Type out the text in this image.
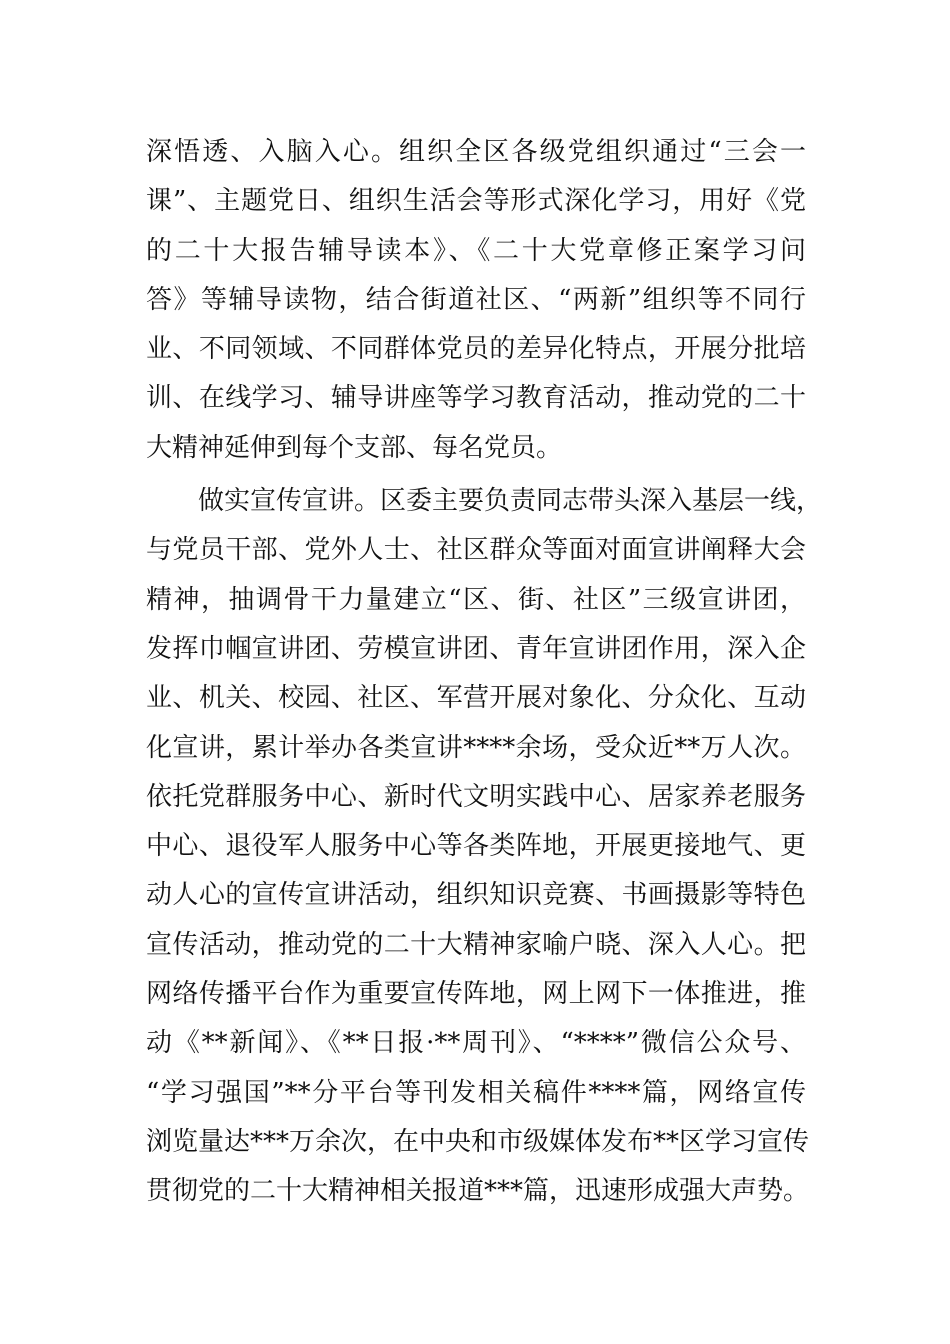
深悟透、入脑入心。组织全区各级党组织通过“三会一
课”、主题党日、组织生活会等形式深化学习，用好《党
的二十大报告辅导读本》、《二十大党章修正案学习问
答》等辅导读物，结合街道社区、“两新”组织等不同行
业、不同领域、不同群体党员的差异化特点，开展分批培
训、在线学习、辅导讲座等学习教育活动，推动党的二十
大精神延伸到每个支部、每名党员。
　　做实宣传宣讲。区委主要负责同志带头深入基层一线，
与党员干部、党外人士、社区群众等面对面宣讲阐释大会
精神，抽调骨干力量建立“区、街、社区”三级宣讲团，
发挥巾帼宣讲团、劳模宣讲团、青年宣讲团作用，深入企
业、机关、校园、社区、军营开展对象化、分众化、互动
化宣讲，累计举办各类宣讲****余场，受众近**万人次。
依托党群服务中心、新时代文明实践中心、居家养老服务
中心、退役军人服务中心等各类阵地，开展更接地气、更
动人心的宣传宣讲活动，组织知识竞赛、书画摄影等特色
宣传活动，推动党的二十大精神家喻户晓、深入人心。把
网络传播平台作为重要宣传阵地，网上网下一体推进，推
动《**新闻》、《**日报·**周刊》、“****”微信公众号、
“学习强国”**分平台等刊发相关稿件****篇，网络宣传
浏览量达***万余次，在中央和市级媒体发布**区学习宣传
贯彻党的二十大精神相关报道***篇，迅速形成强大声势。
